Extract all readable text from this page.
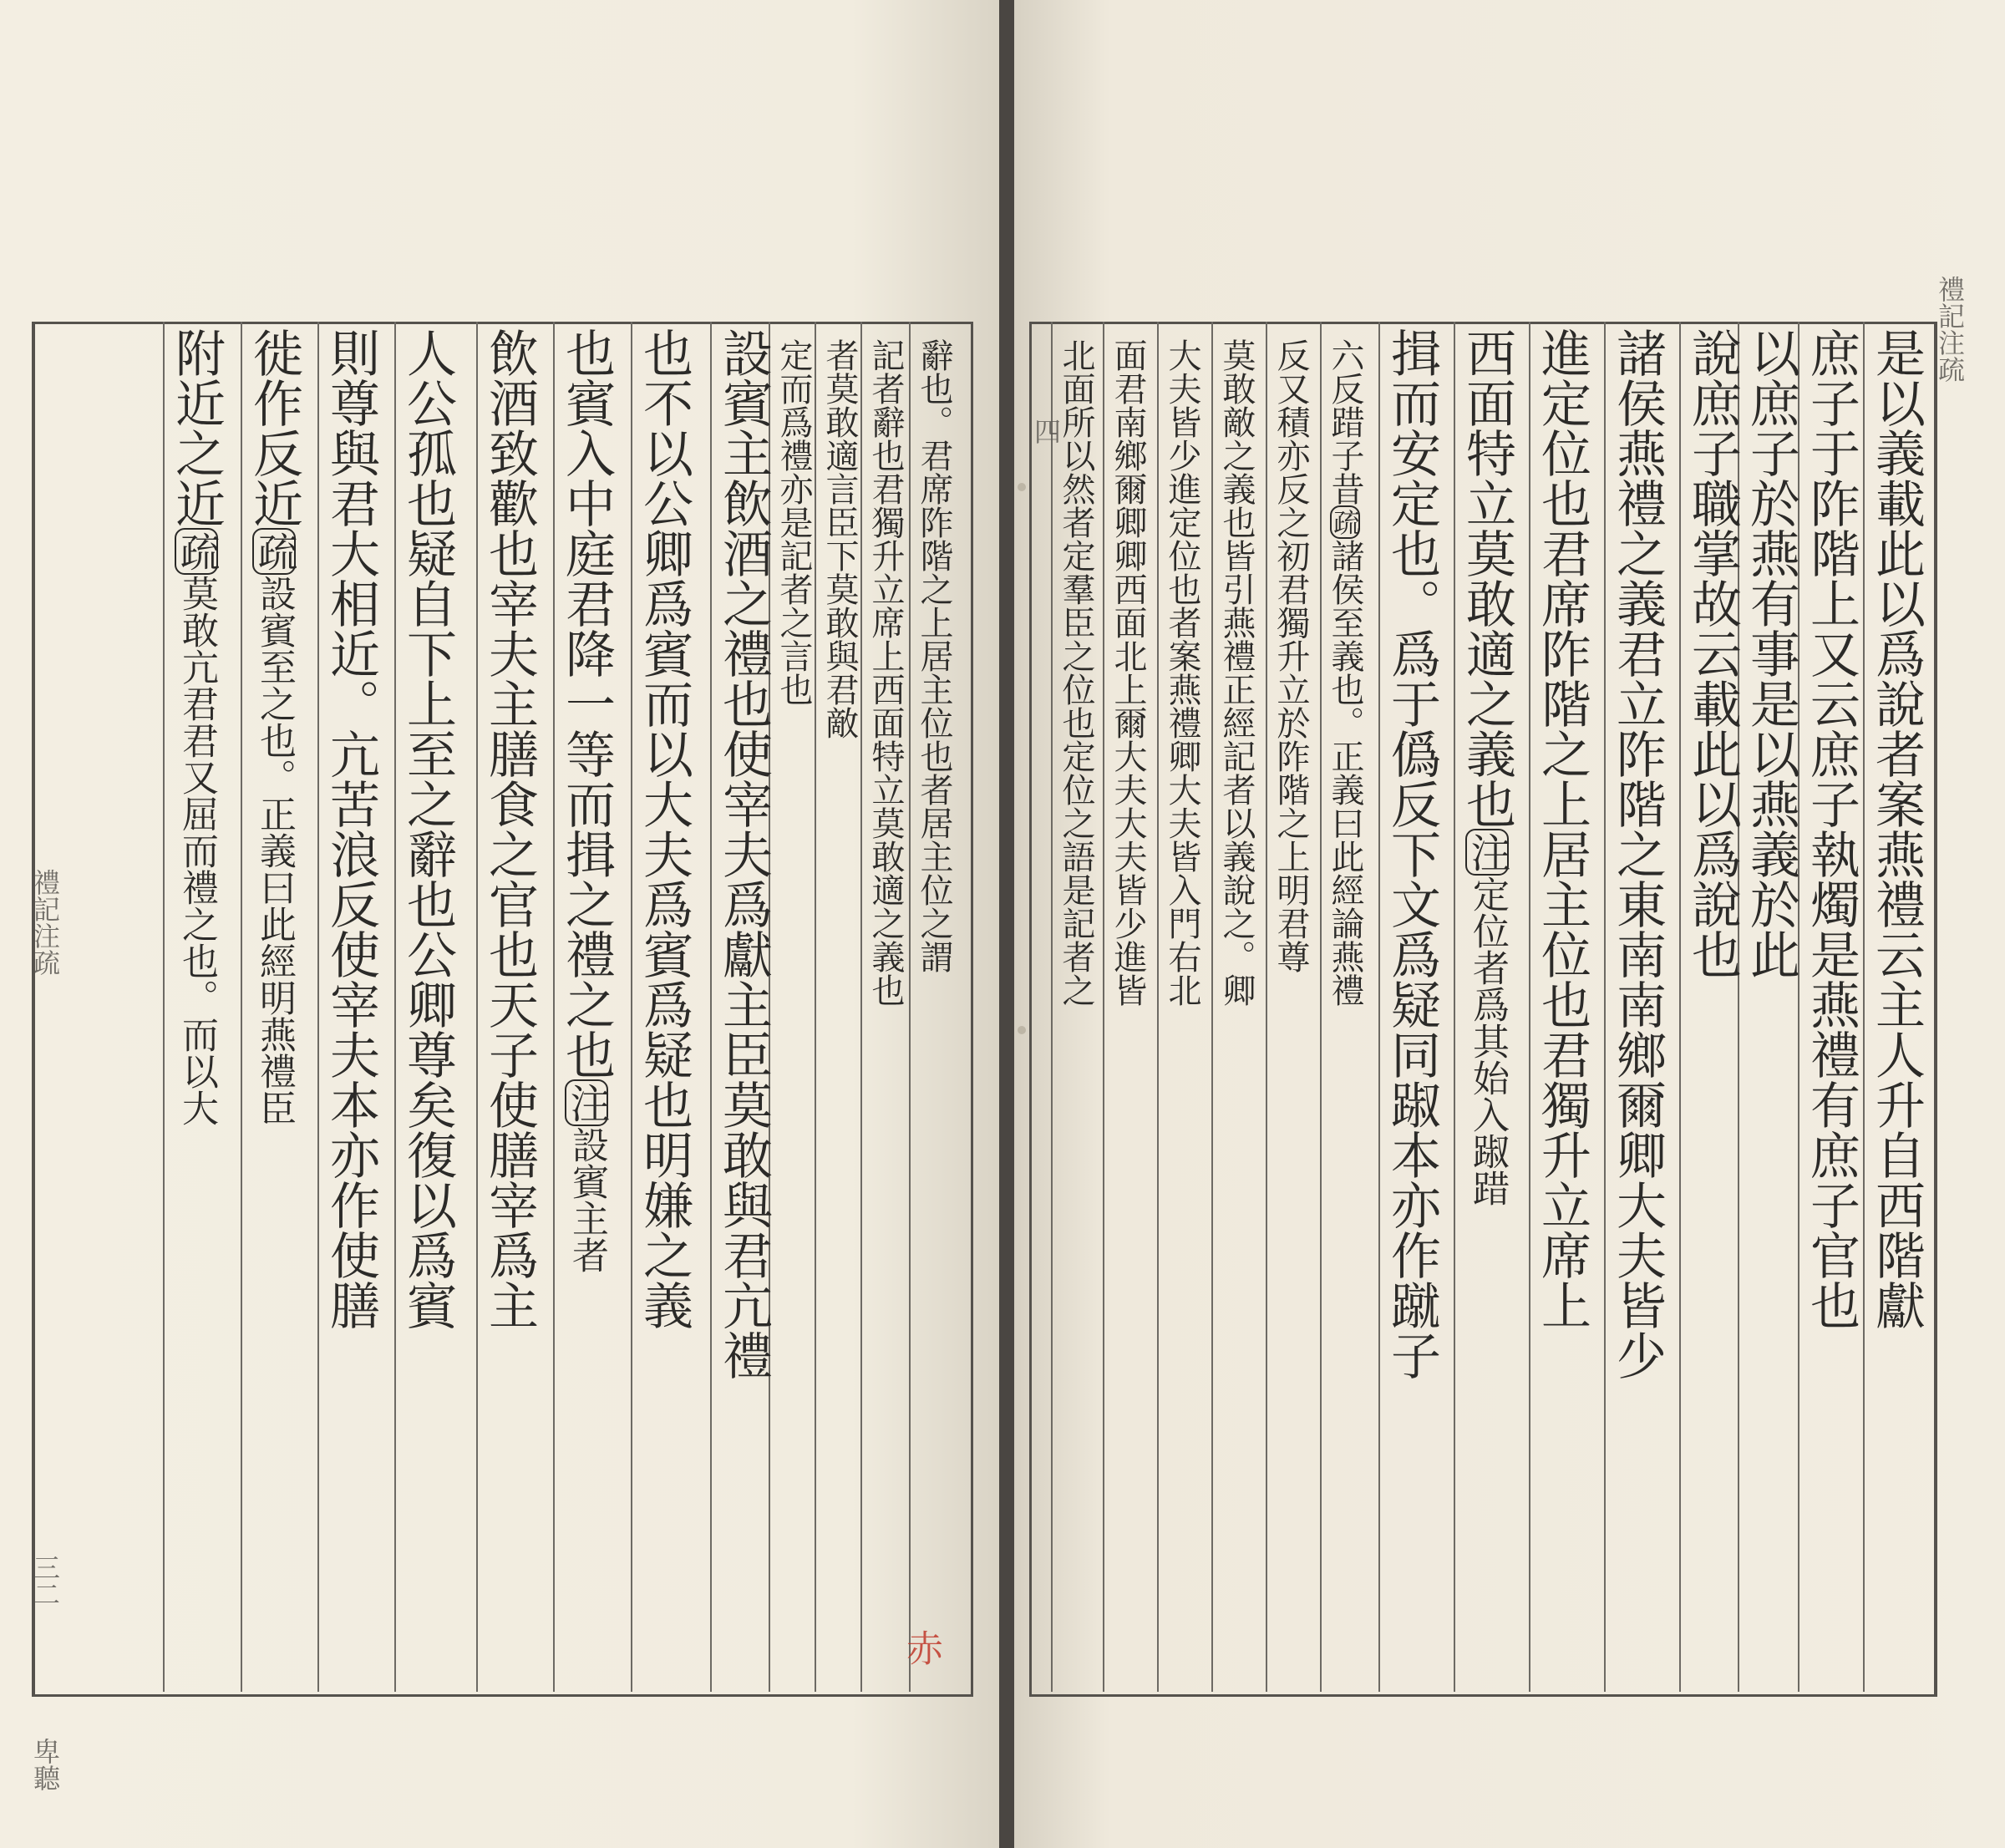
辭也。君席阼階之上居主位也者居主位之謂
記者辭也君獨升立席上西面特立莫敢適之義也
者莫敢適言臣下莫敢與君敵
定而爲禮亦是記者之言也
設賓主飲酒之禮也使宰夫爲獻主臣莫敢與君亢禮
也不以公卿爲賓而以大夫爲賓爲疑也明嫌之義
也賓入中庭君降一等而揖之禮之也注設賓主者
飲酒致歡也宰夫主膳食之官也天子使膳宰爲主
人公孤也疑自下上至之辭也公卿尊矣復以爲賓
則尊與君大相近。亢苦浪反使宰夫本亦作使膳
徙作反近疏設賓至之也。正義曰此經明燕禮臣
附近之近疏莫敢亢君君又屈而禮之也。而以大	是以義載此以爲說者案燕禮云主人升自西階獻
庶子于阼階上又云庶子執燭是燕禮有庶子官也
以庶子於燕有事是以燕義於此
說庶子職掌故云載此以爲說也
諸侯燕禮之義君立阼階之東南南鄉爾卿大夫皆少
進定位也君席阼階之上居主位也君獨升立席上
西面特立莫敢適之義也注定位者爲其始入踧踖
揖而安定也。爲于僞反下文爲疑同踧本亦作蹴子
六反踖子昔疏諸侯至義也。正義曰此經論燕禮
反又積亦反之初君獨升立於阼階之上明君尊
莫敢敵之義也皆引燕禮正經記者以義說之。卿
大夫皆少進定位也者案燕禮卿大夫皆入門右北
面君南鄉爾卿卿西面北上爾大夫大夫皆少進皆
北面所以然者定羣臣之位也定位之語是記者之
禮記注疏
三二
卑聽
禮記注疏
四
赤
